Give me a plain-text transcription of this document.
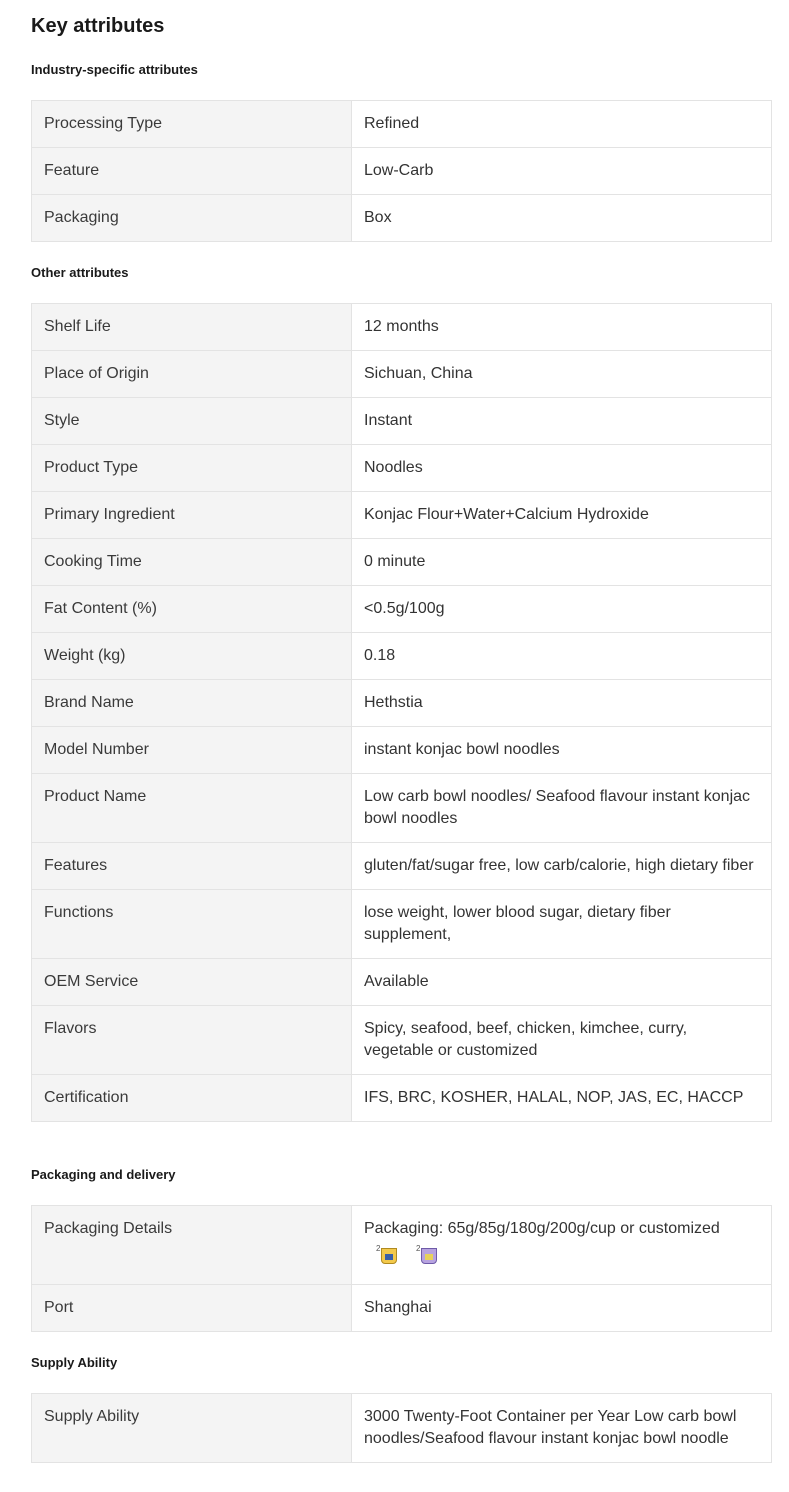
Key attributes
Industry-specific attributes
Processing Type	Refined
Feature	Low-Carb
Packaging	Box
Other attributes
Shelf Life	12 months
Place of Origin	Sichuan, China
Style	Instant
Product Type	Noodles
Primary Ingredient	Konjac Flour+Water+Calcium Hydroxide
Cooking Time	0 minute
Fat Content (%)	<0.5g/100g
Weight (kg)	0.18
Brand Name	Hethstia
Model Number	instant konjac bowl noodles
Product Name	Low carb bowl noodles/ Seafood flavour instant konjac bowl noodles
Features	gluten/fat/sugar free, low carb/calorie, high dietary fiber
Functions	lose weight, lower blood sugar, dietary fiber supplement,
OEM Service	Available
Flavors	Spicy, seafood, beef, chicken, kimchee, curry, vegetable or customized
Certification	IFS, BRC, KOSHER, HALAL, NOP, JAS, EC, HACCP
Packaging and delivery
Packaging Details	Packaging: 65g/85g/180g/200g/cup or customized
2 2

Port	Shanghai
Supply Ability
Supply Ability	3000 Twenty-Foot Container per Year Low carb bowl noodles/Seafood flavour instant konjac bowl noodle
